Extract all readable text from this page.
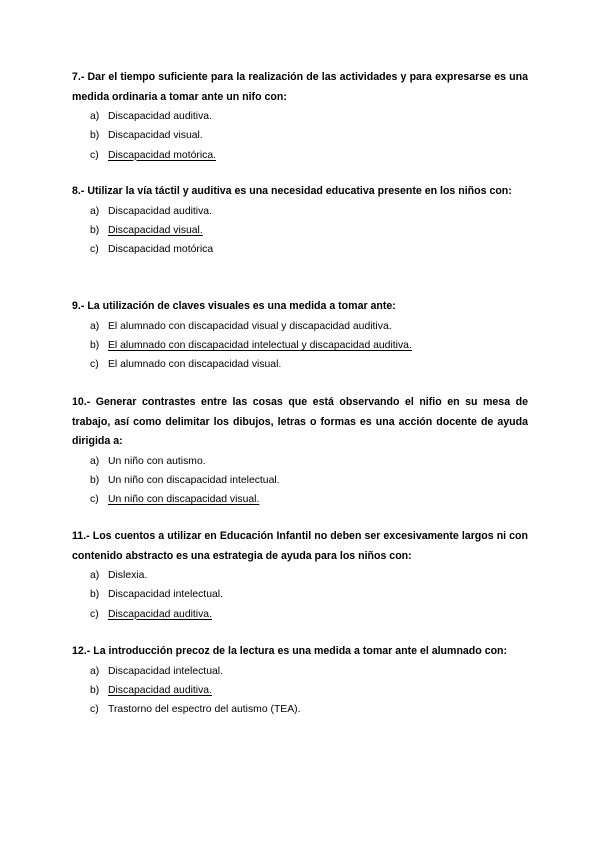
7.- Dar el tiempo suficiente para la realización de las actividades y para expresarse es una medida ordinaria a tomar ante un nifo con:

a) Discapacidad auditiva.
b) Discapacidad visual.
c) Discapacidad motórica.

8.- Utilizar la vía táctil y auditiva es una necesidad educativa presente en los niños con:

a) Discapacidad auditiva.
b) Discapacidad visual.
c) Discapacidad motórica

9.- La utilización de claves visuales es una medida a tomar ante:

a) El alumnado con discapacidad visual y discapacidad auditiva.
b) El alumnado con discapacidad intelectual y discapacidad auditiva.
c) El alumnado con discapacidad visual.

10.- Generar contrastes entre las cosas que está observando el nifio en su mesa de trabajo, así como delimitar los dibujos, letras o formas es una acción docente de ayuda dirigida a:

a) Un niño con autismo.
b) Un niño con discapacidad intelectual.
c) Un niño con discapacidad visual.

11.- Los cuentos a utilizar en Educación Infantil no deben ser excesivamente largos ni con contenido abstracto es una estrategia de ayuda para los niños con:

a) Dislexia.
b) Discapacidad intelectual.
c) Discapacidad auditiva.

12.- La introducción precoz de la lectura es una medida a tomar ante el alumnado con:

a) Discapacidad intelectual.
b) Discapacidad auditiva.
c) Trastorno del espectro del autismo (TEA).
